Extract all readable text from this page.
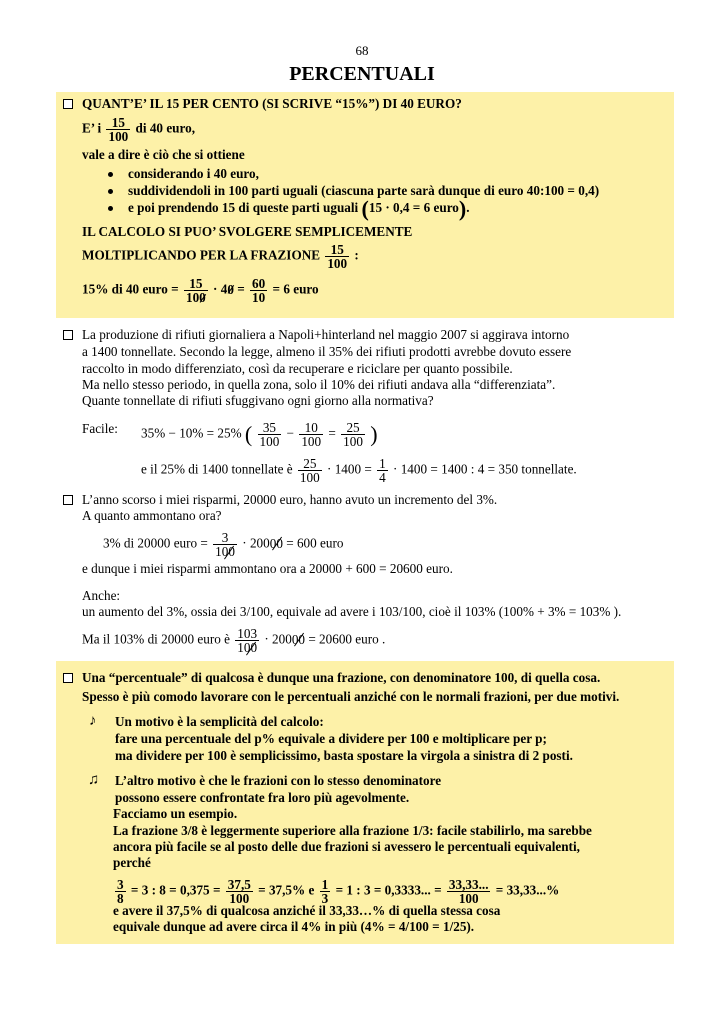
68
PERCENTUALI
QUANT’E’ IL 15 PER CENTO (SI SCRIVE “15%”) DI 40 EURO?
E’ i $\frac{15}{100}$ di 40 euro,
vale a dire è ciò che si ottiene
considerando i 40 euro,
suddividendoli in 100 parti uguali (ciascuna parte sarà dunque di euro 40:100 = 0,4)
e poi prendendo 15 di queste parti uguali (15 · 0,4 = 6 euro).
IL CALCOLO SI PUO’ SVOLGERE SEMPLICEMENTE
MOLTIPLICANDO PER LA FRAZIONE $\frac{15}{100}$ :
15% di 40 euro = $\frac{15}{100} \cdot 40 = \frac{60}{10} = 6$ euro
La produzione di rifiuti giornaliera a Napoli+hinterland nel maggio 2007 si aggirava intorno
a 1400 tonnellate. Secondo la legge, almeno il 35% dei rifiuti prodotti avrebbe dovuto essere
raccolto in modo differenziato, così da recuperare e riciclare per quanto possibile.
Ma nello stesso periodo, in quella zona, solo il 10% dei rifiuti andava alla “differenziata”.
Quante tonnellate di rifiuti sfuggivano ogni giorno alla normativa?
Facile: 35% − 10% = 25% ( $\frac{35}{100} - \frac{10}{100} = \frac{25}{100}$ )
e il 25% di 1400 tonnellate è $\frac{25}{100} \cdot 1400 = \frac{1}{4} \cdot 1400 = 1400$ : 4 = 350 tonnellate.
L’anno scorso i miei risparmi, 20000 euro, hanno avuto un incremento del 3%.
A quanto ammontano ora?
3% di 20000 euro = $\frac{3}{100} \cdot 20000 = 600$ euro
e dunque i miei risparmi ammontano ora a 20000 + 600 = 20600 euro.
Anche:
un aumento del 3%, ossia dei 3/100, equivale ad avere i 103/100, cioè il 103% (100% + 3% = 103% ).
Ma il 103% di 20000 euro è $\frac{103}{100} \cdot 20000 = 20600$ euro .
Una “percentuale” di qualcosa è dunque una frazione, con denominatore 100, di quella cosa.
Spesso è più comodo lavorare con le percentuali anziché con le normali frazioni, per due motivi.
♪ Un motivo è la semplicità del calcolo:
fare una percentuale del p% equivale a dividere per 100 e moltiplicare per p;
ma dividere per 100 è semplicissimo, basta spostare la virgola a sinistra di 2 posti.
♫ L’altro motivo è che le frazioni con lo stesso denominatore
possono essere confrontate fra loro più agevolmente.
Facciamo un esempio.
La frazione 3/8 è leggermente superiore alla frazione 1/3: facile stabilirlo, ma sarebbe
ancora più facile se al posto delle due frazioni si avessero le percentuali equivalenti,
perché
$\frac{3}{8} = 3$ : $8 = 0,375 = \frac{37,5}{100} = 37,5\%$ e $\frac{1}{3} = 1$ : 3 = 0,3333... = $\frac{33,33...}{100} = 33,33...\%$
e avere il 37,5% di qualcosa anziché il 33,33…% di quella stessa cosa
equivale dunque ad avere circa il 4% in più (4% = 4/100 = 1/25).
